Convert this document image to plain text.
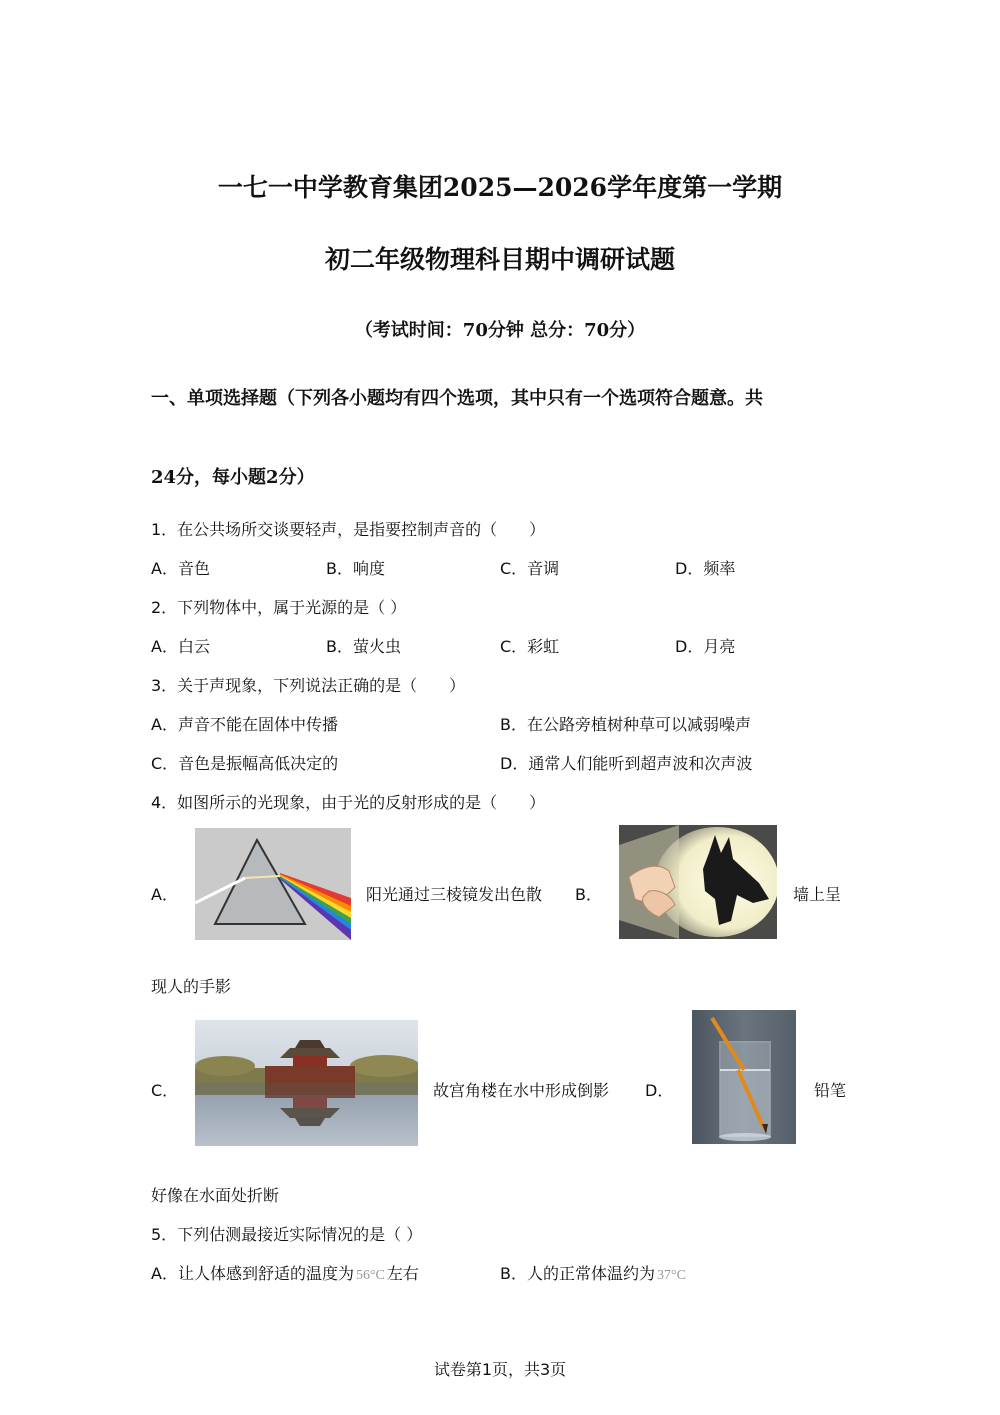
一七一中学教育集团2025—2026学年度第一学期
初二年级物理科目期中调研试题
（考试时间：70分钟 总分：70分）
一、单项选择题（下列各小题均有四个选项，其中只有一个选项符合题意。共
24分，每小题2分）
1．在公共场所交谈要轻声，是指要控制声音的（　　）
A．音色	B．响度	C．音调	D．频率
2．下列物体中，属于光源的是（ ）
A．白云	B．萤火虫	C．彩虹	D．月亮
3．关于声现象，下列说法正确的是（　　）
A．声音不能在固体中传播	B．在公路旁植树种草可以减弱噪声
C．音色是振幅高低决定的	D．通常人们能听到超声波和次声波
4．如图所示的光现象，由于光的反射形成的是（　　）
A．	阳光通过三棱镜发出色散 B．	墙上呈
现人的手影
C．	故宫角楼在水中形成倒影 D．	铅笔
好像在水面处折断
5．下列估测最接近实际情况的是（ ）
A．让人体感到舒适的温度为 56°C 左右	B．人的正常体温约为 37°C
试卷第1页，共3页
